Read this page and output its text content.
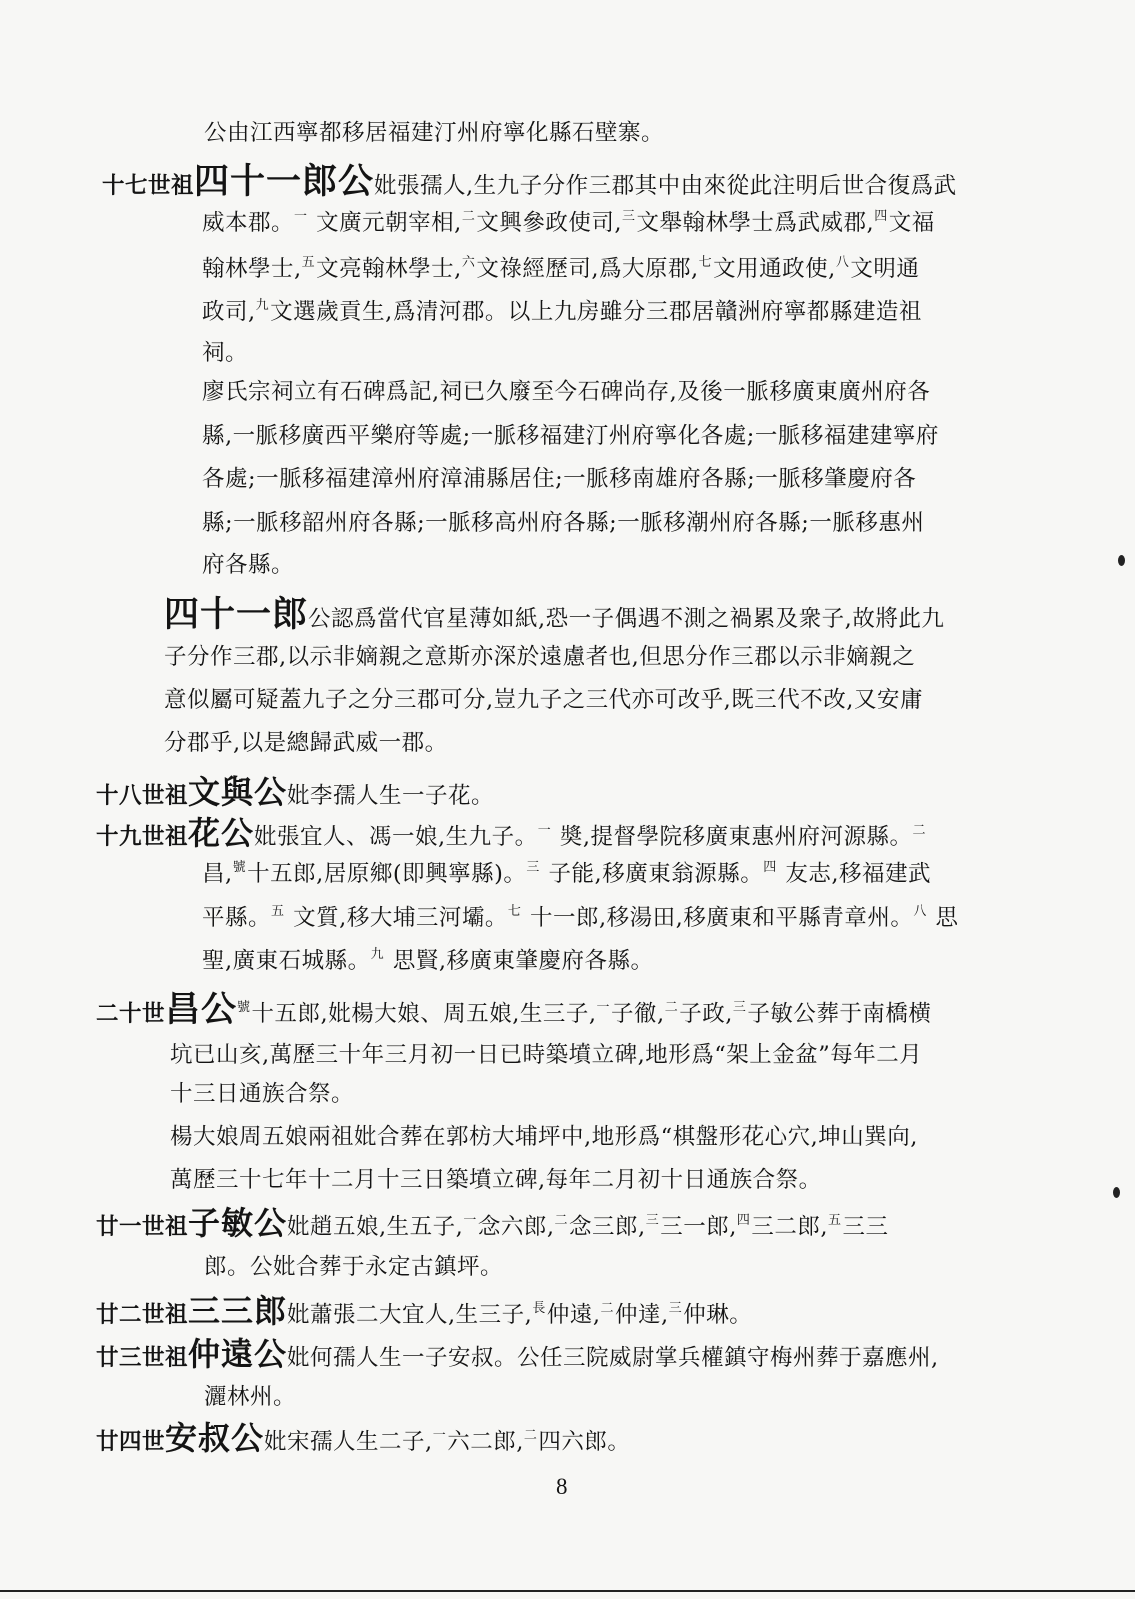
公由江西寧都移居福建汀州府寧化縣石壁寨。
十七世祖四十一郎公妣張孺人,生九子分作三郡其中由來從此注明后世合復爲武
威本郡。$^一$ 文廣元朝宰相,$^二$文興參政使司,$^三$文舉翰林學士爲武威郡,$^四$文福
翰林學士,$^五$文亮翰林學士,$^六$文祿經歷司,爲大原郡,$^七$文用通政使,$^八$文明通
政司,$^九$文選歲貢生,爲清河郡。以上九房雖分三郡居贛洲府寧都縣建造祖
祠。
廖氏宗祠立有石碑爲記,祠已久廢至今石碑尚存,及後一脈移廣東廣州府各
縣,一脈移廣西平樂府等處;一脈移福建汀州府寧化各處;一脈移福建建寧府
各處;一脈移福建漳州府漳浦縣居住;一脈移南雄府各縣;一脈移肇慶府各
縣;一脈移韶州府各縣;一脈移高州府各縣;一脈移潮州府各縣;一脈移惠州
府各縣。
四十一郎公認爲當代官星薄如紙,恐一子偶遇不測之禍累及衆子,故將此九
子分作三郡,以示非嫡親之意斯亦深於遠慮者也,但思分作三郡以示非嫡親之
意似屬可疑蓋九子之分三郡可分,豈九子之三代亦可改乎,既三代不改,又安庸
分郡乎,以是總歸武威一郡。
十八世祖文與公妣李孺人生一子花。
十九世祖花公妣張宜人、馮一娘,生九子。$^一$ 奬,提督學院移廣東惠州府河源縣。$^二$
昌,$^號$十五郎,居原鄉(即興寧縣)。$^三$ 子能,移廣東翁源縣。$^四$ 友志,移福建武
平縣。$^五$ 文質,移大埔三河壩。$^七$ 十一郎,移湯田,移廣東和平縣青章州。$^八$ 思
聖,廣東石城縣。$^九$ 思賢,移廣東肇慶府各縣。
二十世昌公$^號$十五郎,妣楊大娘、周五娘,生三子,$^一$子徹,$^二$子政,$^三$子敏公葬于南橋横
坑已山亥,萬歷三十年三月初一日已時築墳立碑,地形爲“架上金盆”每年二月
十三日通族合祭。
楊大娘周五娘兩祖妣合葬在郭枋大埔坪中,地形爲“棋盤形花心穴,坤山巽向,
萬歷三十七年十二月十三日築墳立碑,每年二月初十日通族合祭。
廿一世祖子敏公妣趙五娘,生五子,$^一$念六郎,$^二$念三郎,$^三$三一郎,$^四$三二郎,$^五$三三
郎。公妣合葬于永定古鎮坪。
廿二世祖三三郎妣蕭張二大宜人,生三子,$^長$仲遠,$^二$仲達,$^三$仲琳。
廿三世祖仲遠公妣何孺人生一子安叔。公任三院威尉掌兵權鎮守梅州葬于嘉應州,
灑林州。
廿四世安叔公妣宋孺人生二子,$^一$六二郎,$^二$四六郎。
8
